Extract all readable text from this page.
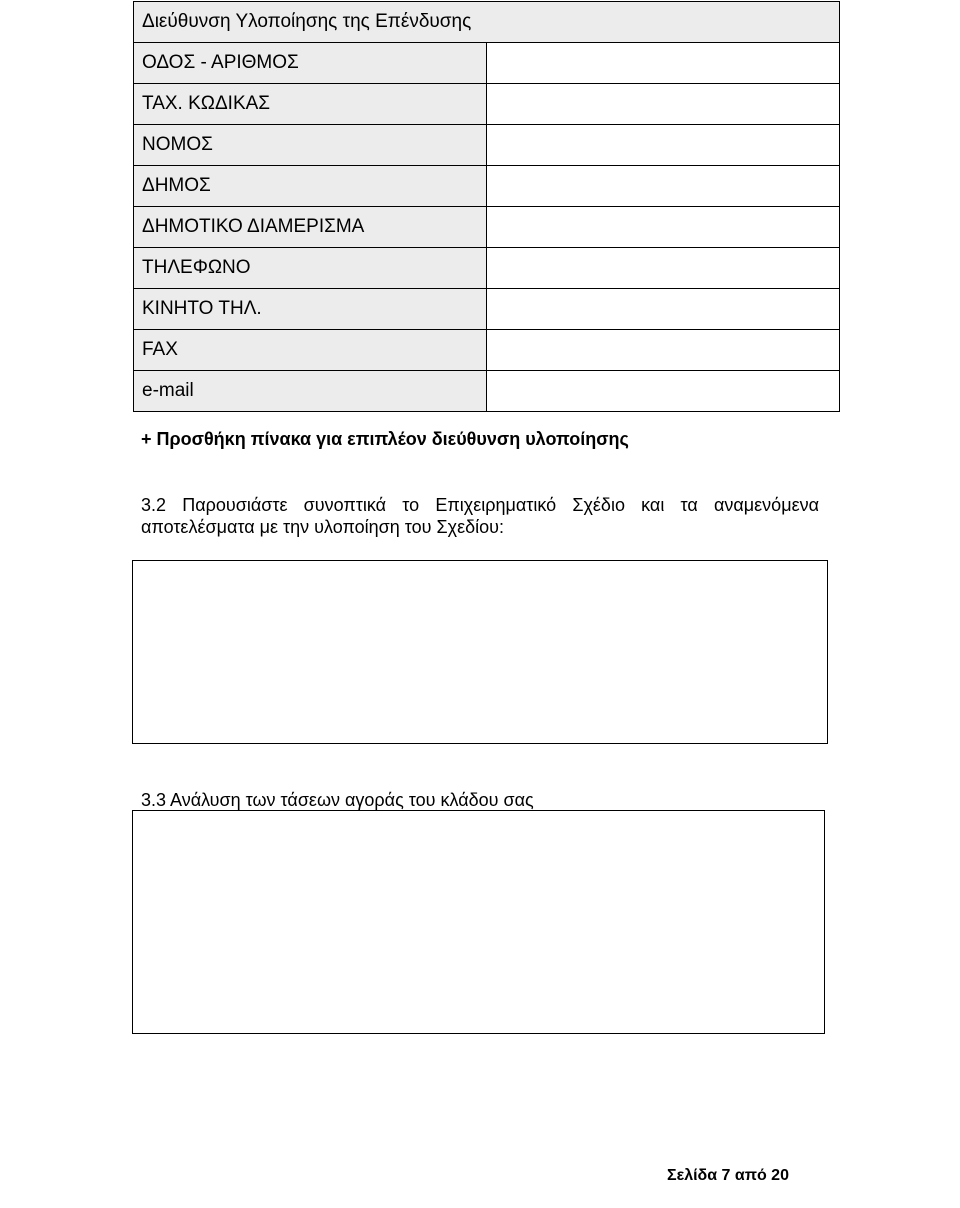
Διεύθυνση Υλοποίησης της Επένδυσης	
ΟΔΟΣ - ΑΡΙΘΜΟΣ	
ΤΑΧ. ΚΩΔΙΚΑΣ	
ΝΟΜΟΣ	
ΔΗΜΟΣ	
ΔΗΜΟΤΙΚΟ ΔΙΑΜΕΡΙΣΜΑ	
ΤΗΛΕΦΩΝΟ	
ΚΙΝΗΤΟ ΤΗΛ.	
FAX	
e-mail	
+ Προσθήκη πίνακα για επιπλέον διεύθυνση υλοποίησης
3.2 Παρουσιάστε συνοπτικά το Επιχειρηματικό Σχέδιο και τα αναμενόμενα αποτελέσματα με την υλοποίηση του Σχεδίου:
3.3 Ανάλυση των τάσεων αγοράς του κλάδου σας
Σελίδα 7 από 20
